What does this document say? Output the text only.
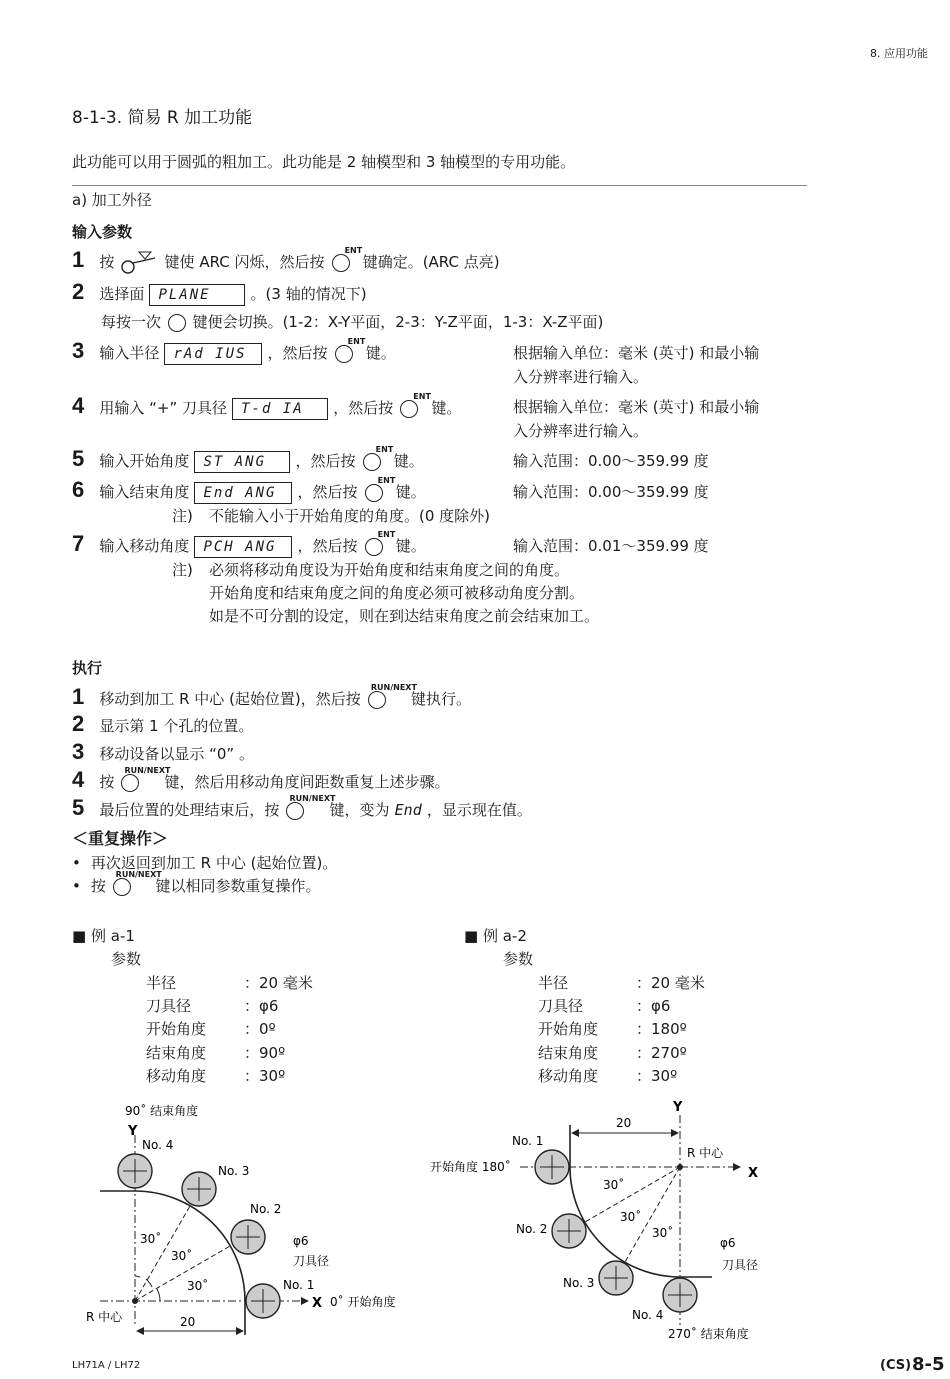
8. 应用功能
8-1-3. 简易 R 加工功能
此功能可以用于圆弧的粗加工。此功能是 2 轴模型和 3 轴模型的专用功能。
a) 加工外径
输入参数
1 按	键使 ARC 闪烁，然后按
ENT
键确定。(ARC 点亮)
2 选择面 PLANE	。(3 轴的情况下)
每按一次 键便会切换。(1-2：X-Y平面，2-3：Y-Z平面，1-3：X-Z平面)
3 输入半径 rAd IUS ，然后按
ENT
键。	根据输入单位：毫米 (英寸) 和最小输
入分辨率进行输入。
4 用输入 “+” 刀具径 T-d IA ，然后按
ENT
键。	根据输入单位：毫米 (英寸) 和最小输
入分辨率进行输入。
5 输入开始角度 ST ANG ，然后按
ENT
键。	输入范围：0.00～359.99 度
6 输入结束角度 End ANG ，然后按
ENT
键。	输入范围：0.00～359.99 度
注) 不能输入小于开始角度的角度。(0 度除外)
7 输入移动角度 PCH ANG ，然后按
ENT
键。	输入范围：0.01～359.99 度
注) 必须将移动角度设为开始角度和结束角度之间的角度。
开始角度和结束角度之间的角度必须可被移动角度分割。
如是不可分割的设定，则在到达结束角度之前会结束加工。
执行
1 移动到加工 R 中心 (起始位置)，然后按
RUN/NEXT
键执行。
2 显示第 1 个孔的位置。
3 移动设备以显示 “0” 。
4 按
RUN/NEXT
键，然后用移动角度间距数重复上述步骤。
5 最后位置的处理结束后，按
RUN/NEXT
键，变为 End ，显示现在值。
＜重复操作＞
• 再次返回到加工 R 中心 (起始位置)。
• 按
RUN/NEXT
键以相同参数重复操作。
■ 例 a-1
参数
半径	：20 毫米
刀具径	：φ6
开始角度	：0º
结束角度	：90º
移动角度	：30º
■ 例 a-2
参数
半径	：20 毫米
刀具径	：φ6
开始角度	：180º
结束角度	：270º
移动角度	：30º
90˚ 结束角度
Y
X 0˚ 开始角度
No. 1
No. 2
No. 3
No. 4
30˚
30˚
30˚
φ6
刀具径
R 中心	20
Y
X
开始角度 180˚
No. 1
No. 2
No. 3
No. 4
30˚
30˚
30˚
φ6
刀具径
R 中心
20
270˚ 结束角度
LH71A / LH72	(CS) 8-5
